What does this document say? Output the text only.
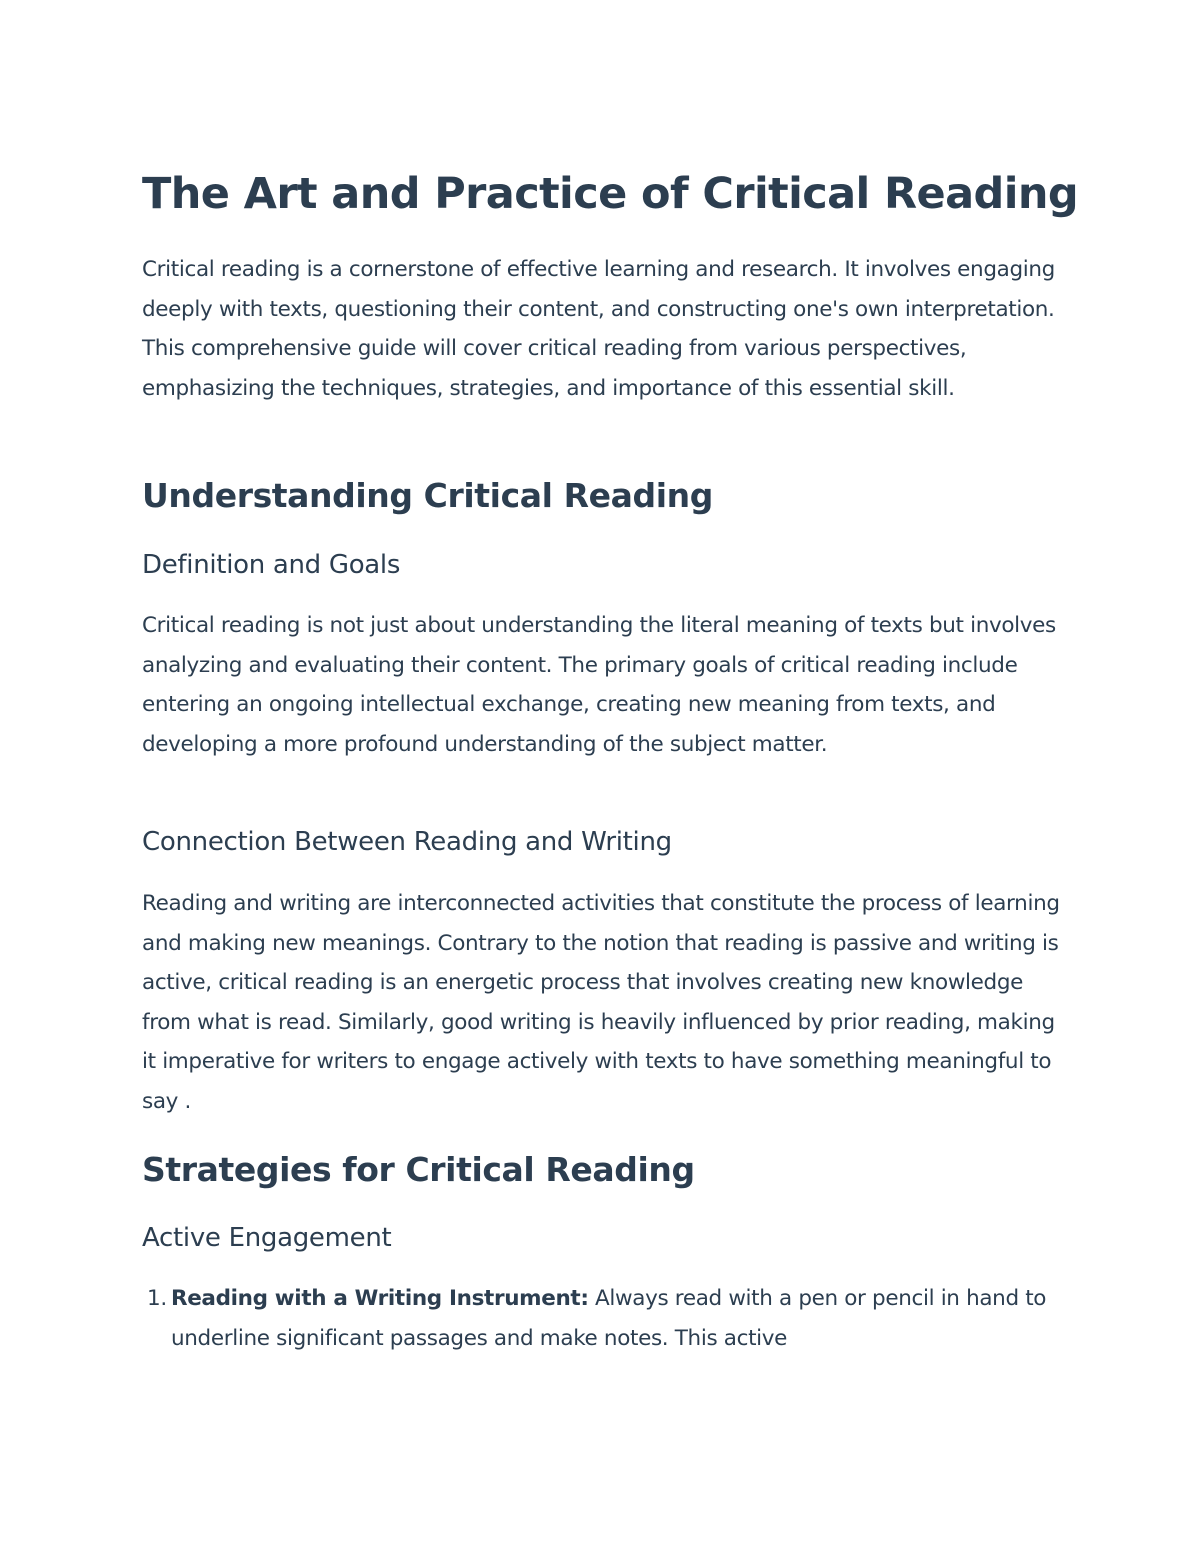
The Art and Practice of Critical Reading

Critical reading is a cornerstone of effective learning and research. It involves engaging deeply with texts, questioning their content, and constructing one's own interpretation. This comprehensive guide will cover critical reading from various perspectives, emphasizing the techniques, strategies, and importance of this essential skill.

Understanding Critical Reading
Definition and Goals

Critical reading is not just about understanding the literal meaning of texts but involves analyzing and evaluating their content. The primary goals of critical reading include entering an ongoing intellectual exchange, creating new meaning from texts, and developing a more profound understanding of the subject matter.

Connection Between Reading and Writing

Reading and writing are interconnected activities that constitute the process of learning and making new meanings. Contrary to the notion that reading is passive and writing is active, critical reading is an energetic process that involves creating new knowledge from what is read. Similarly, good writing is heavily influenced by prior reading, making it imperative for writers to engage actively with texts to have something meaningful to say .

Strategies for Critical Reading
Active Engagement
1. Reading with a Writing Instrument: Always read with a pen or pencil in hand to underline significant passages and make notes. This active
